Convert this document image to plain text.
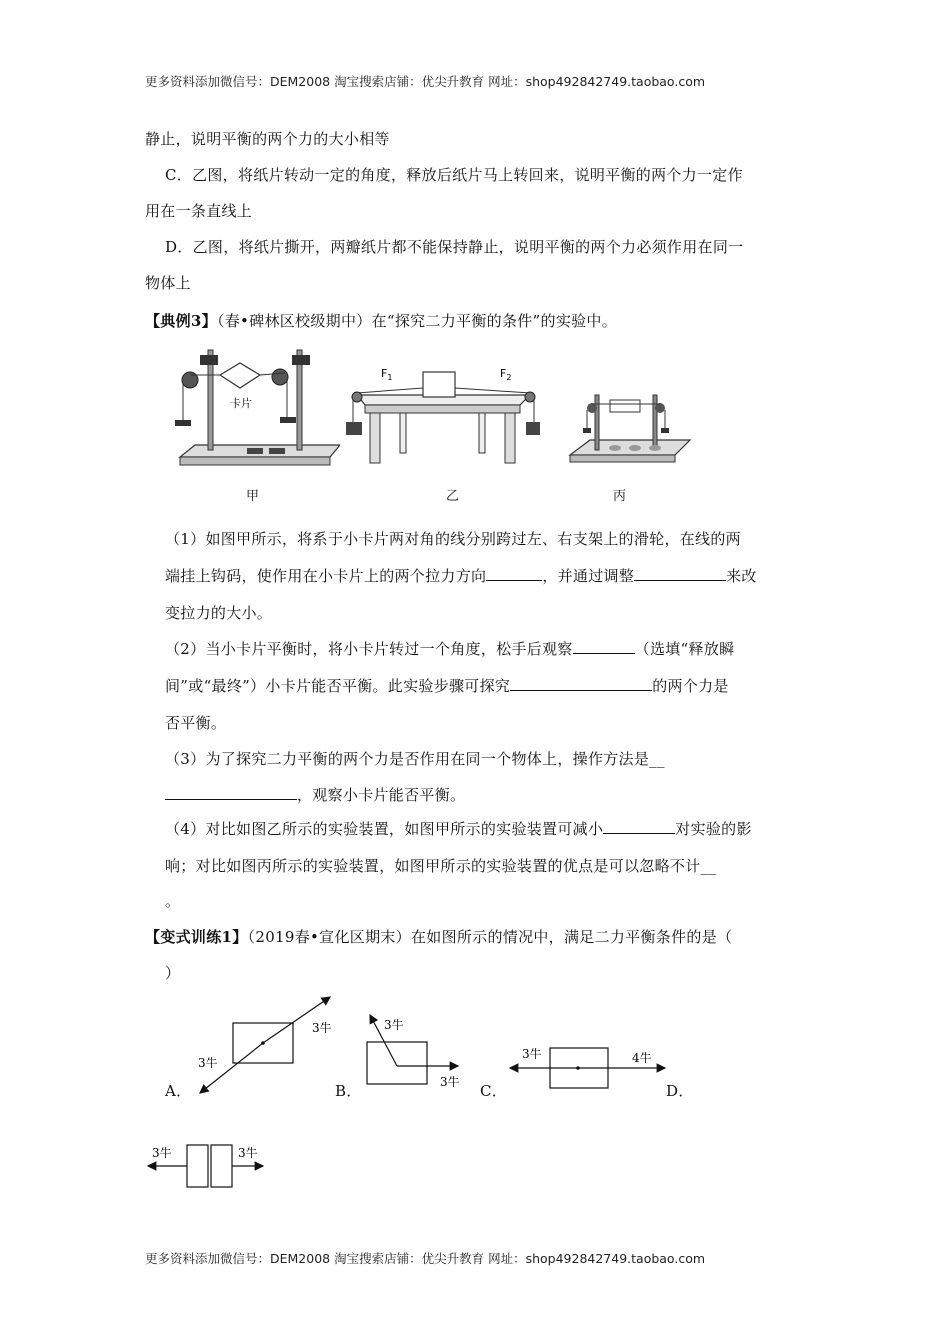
更多资料添加微信号：DEM2008 淘宝搜索店铺：优尖升教育 网址：shop492842749.taobao.com
静止，说明平衡的两个力的大小相等
C．乙图，将纸片转动一定的角度，释放后纸片马上转回来，说明平衡的两个力一定作
用在一条直线上
D．乙图，将纸片撕开，两瓣纸片都不能保持静止，说明平衡的两个力必须作用在同一
物体上
【典例3】（春•碑林区校级期中）在“探究二力平衡的条件”的实验中。
卡片
甲
$F_1$	$F_2$
乙	丙
（1）如图甲所示，将系于小卡片两对角的线分别跨过左、右支架上的滑轮，在线的两
端挂上钩码，使作用在小卡片上的两个拉力方向	，并通过调整	来改
变拉力的大小。
（2）当小卡片平衡时，将小卡片转过一个角度，松手后观察	（选填“释放瞬
间”或“最终”）小卡片能否平衡。此实验步骤可探究	的两个力是
否平衡。
（3）为了探究二力平衡的两个力是否作用在同一个物体上，操作方法是__
，观察小卡片能否平衡。
（4）对比如图乙所示的实验装置，如图甲所示的实验装置可减小	对实验的影
响；对比如图丙所示的实验装置，如图甲所示的实验装置的优点是可以忽略不计__
。
【变式训练1】（2019春•宣化区期末）在如图所示的情况中，满足二力平衡条件的是（
）
3牛
3牛
3牛
3牛
3牛	4牛
3牛	3牛
A．	B．	C．	D．
更多资料添加微信号：DEM2008 淘宝搜索店铺：优尖升教育 网址：shop492842749.taobao.com
